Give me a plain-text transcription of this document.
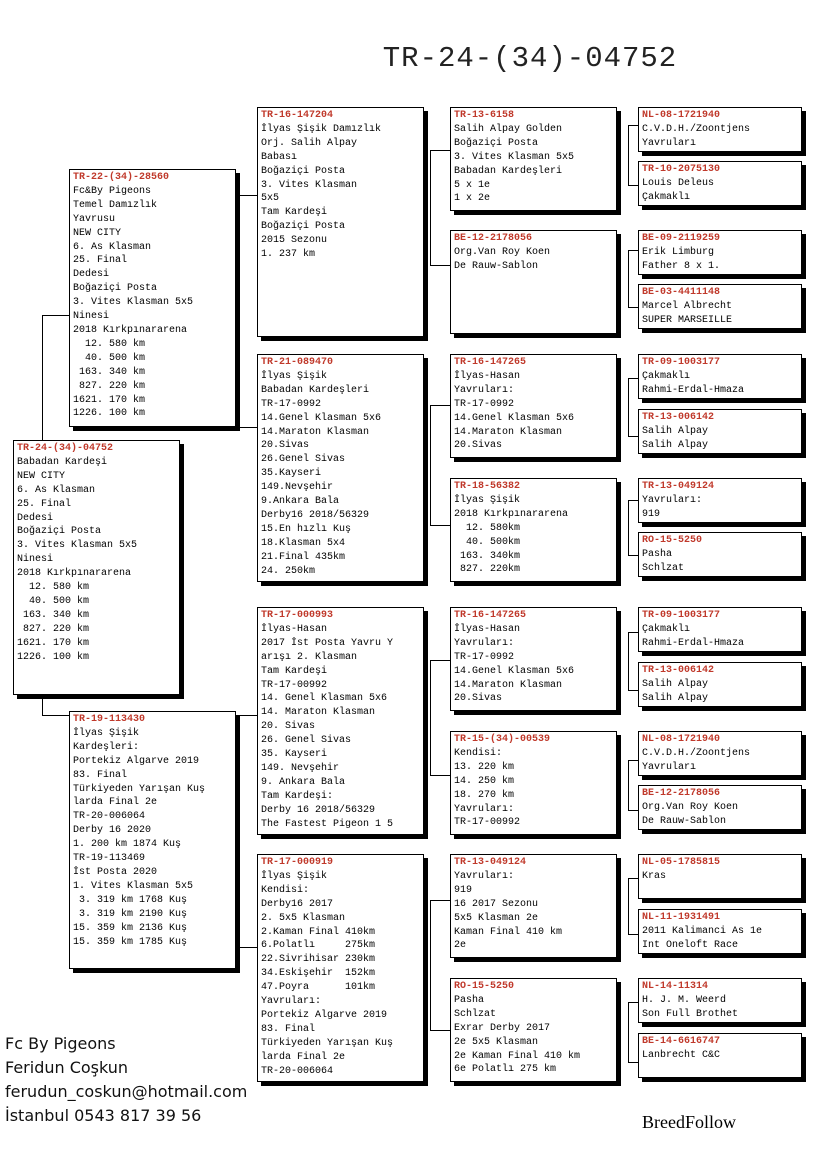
TR-24-(34)-04752
TR-24-(34)-04752
Babadan Kardeşi
NEW CITY
6. As Klasman
25. Final
Dedesi
Boğaziçi Posta
3. Vites Klasman 5x5
Ninesi
2018 Kırkpınararena
12. 580 km
40. 500 km
163. 340 km
827. 220 km
1621. 170 km
1226. 100 km
TR-22-(34)-28560
Fc&By Pigeons
Temel Damızlık
Yavrusu
NEW CITY
6. As Klasman
25. Final
Dedesi
Boğaziçi Posta
3. Vites Klasman 5x5
Ninesi
2018 Kırkpınararena
12. 580 km
40. 500 km
163. 340 km
827. 220 km
1621. 170 km
1226. 100 km
TR-19-113430
İlyas Şişik
Kardeşleri:
Portekiz Algarve 2019
83. Final
Türkiyeden Yarışan Kuş
larda Final 2e
TR-20-006064
Derby 16 2020
1. 200 km 1874 Kuş
TR-19-113469
İst Posta 2020
1. Vites Klasman 5x5
3. 319 km 1768 Kuş
3. 319 km 2190 Kuş
15. 359 km 2136 Kuş
15. 359 km 1785 Kuş
TR-16-147204
İlyas Şişik Damızlık
Orj. Salih Alpay
Babası
Boğaziçi Posta
3. Vites Klasman
5x5
Tam Kardeşi
Boğaziçi Posta
2015 Sezonu
1. 237 km
TR-21-089470
İlyas Şişik
Babadan Kardeşleri
TR-17-0992
14.Genel Klasman 5x6
14.Maraton Klasman
20.Sivas
26.Genel Sivas
35.Kayseri
149.Nevşehir
9.Ankara Bala
Derby16 2018/56329
15.En hızlı Kuş
18.Klasman 5x4
21.Final 435km
24. 250km
TR-17-000993
İlyas-Hasan
2017 İst Posta Yavru Y
arışı 2. Klasman
Tam Kardeşi
TR-17-00992
14. Genel Klasman 5x6
14. Maraton Klasman
20. Sivas
26. Genel Sivas
35. Kayseri
149. Nevşehir
9. Ankara Bala
Tam Kardeşi:
Derby 16 2018/56329
The Fastest Pigeon 1 5
TR-17-000919
İlyas Şişik
Kendisi:
Derby16 2017
2. 5x5 Klasman
2.Kaman Final 410km
6.Polatlı     275km
22.Sivrihisar 230km
34.Eskişehir  152km
47.Poyra      101km
Yavruları:
Portekiz Algarve 2019
83. Final
Türkiyeden Yarışan Kuş
larda Final 2e
TR-20-006064
TR-13-6158
Salih Alpay Golden
Boğaziçi Posta
3. Vites Klasman 5x5
Babadan Kardeşleri
5 x 1e
1 x 2e
BE-12-2178056
Org.Van Roy Koen
De Rauw-Sablon
TR-16-147265
İlyas-Hasan
Yavruları:
TR-17-0992
14.Genel Klasman 5x6
14.Maraton Klasman
20.Sivas
TR-18-56382
İlyas Şişik
2018 Kırkpınararena
12. 580km
40. 500km
163. 340km
827. 220km
TR-16-147265
İlyas-Hasan
Yavruları:
TR-17-0992
14.Genel Klasman 5x6
14.Maraton Klasman
20.Sivas
TR-15-(34)-00539
Kendisi:
13. 220 km
14. 250 km
18. 270 km
Yavruları:
TR-17-00992
TR-13-049124
Yavruları:
919
16 2017 Sezonu
5x5 Klasman 2e
Kaman Final 410 km
2e
RO-15-5250
Pasha
Schlzat
Exrar Derby 2017
2e 5x5 Klasman
2e Kaman Final 410 km
6e Polatlı 275 km
NL-08-1721940
C.V.D.H./Zoontjens
Yavruları
TR-10-2075130
Louis Deleus
Çakmaklı
BE-09-2119259
Erik Limburg
Father 8 x 1.
BE-03-4411148
Marcel Albrecht
SUPER MARSEILLE
TR-09-1003177
Çakmaklı
Rahmi-Erdal-Hmaza
TR-13-006142
Salih Alpay
Salih Alpay
TR-13-049124
Yavruları:
919
RO-15-5250
Pasha
Schlzat
TR-09-1003177
Çakmaklı
Rahmi-Erdal-Hmaza
TR-13-006142
Salih Alpay
Salih Alpay
NL-08-1721940
C.V.D.H./Zoontjens
Yavruları
BE-12-2178056
Org.Van Roy Koen
De Rauw-Sablon
NL-05-1785815
Kras
NL-11-1931491
2011 Kalimanci As 1e
Int Oneloft Race
NL-14-11314
H. J. M. Weerd
Son Full Brothet
BE-14-6616747
Lanbrecht C&C
Fc By Pigeons
Feridun Coşkun
ferudun_coskun@hotmail.com
İstanbul 0543 817 39 56	BreedFollow
